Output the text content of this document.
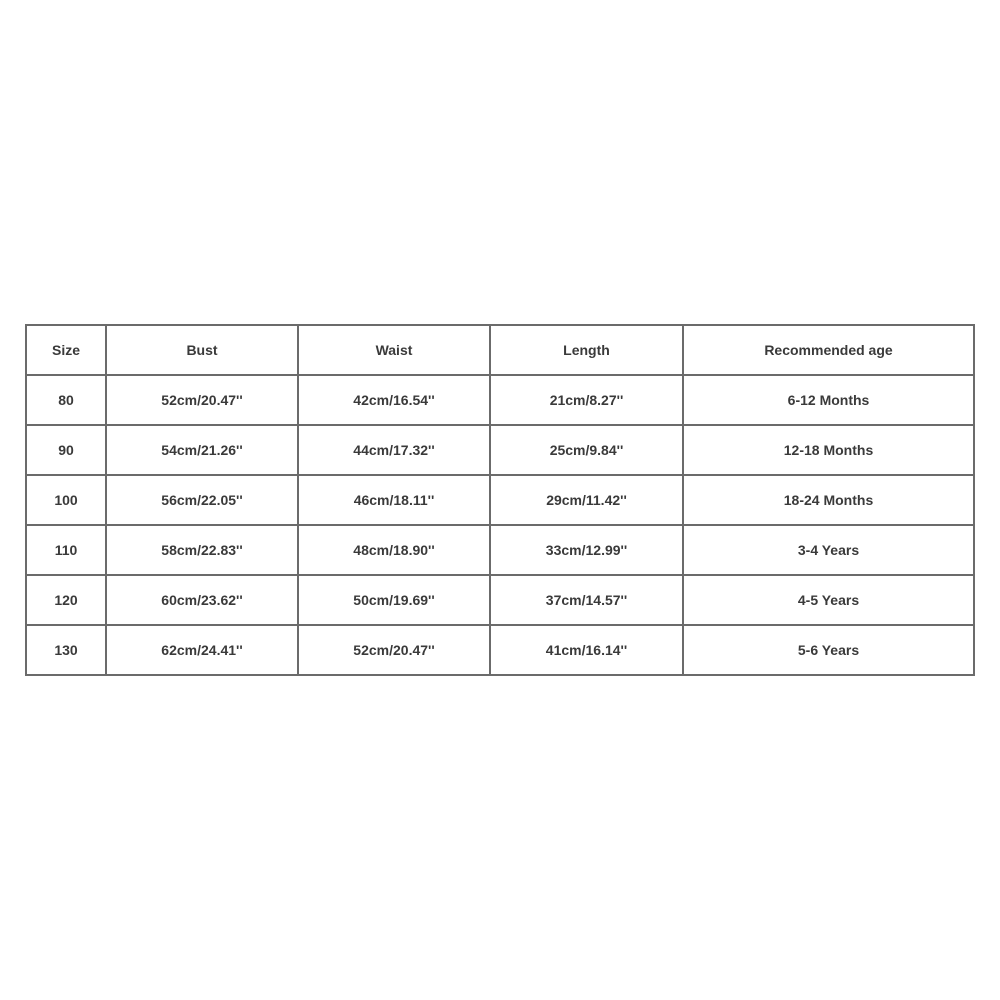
Size	Bust	Waist	Length	Recommended age
80	52cm/20.47''	42cm/16.54''	21cm/8.27''	6-12 Months
90	54cm/21.26''	44cm/17.32''	25cm/9.84''	12-18 Months
100	56cm/22.05''	46cm/18.11''	29cm/11.42''	18-24 Months
110	58cm/22.83''	48cm/18.90''	33cm/12.99''	3-4 Years
120	60cm/23.62''	50cm/19.69''	37cm/14.57''	4-5 Years
130	62cm/24.41''	52cm/20.47''	41cm/16.14''	5-6 Years
